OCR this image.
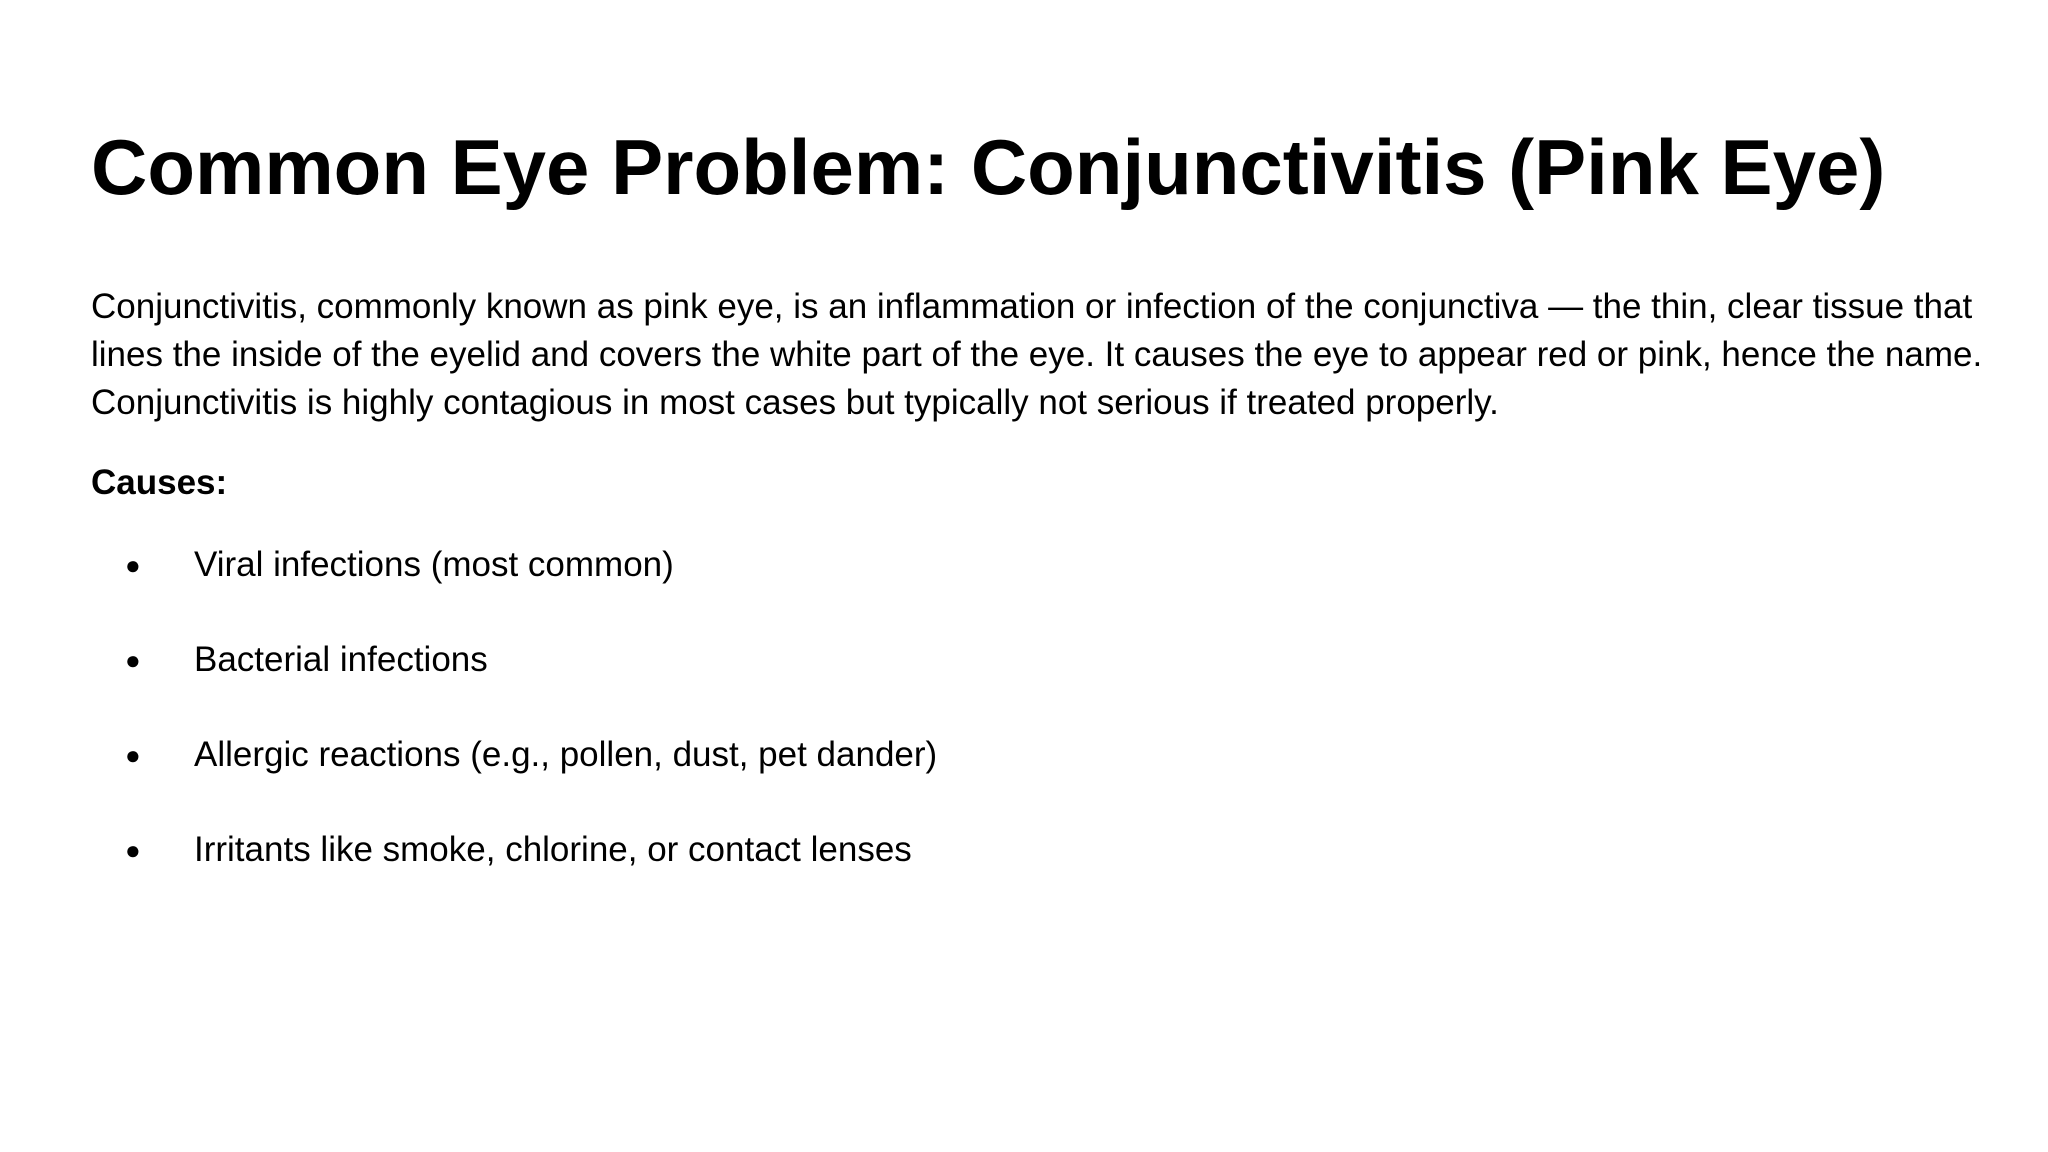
Common Eye Problem: Conjunctivitis (Pink Eye)

Conjunctivitis, commonly known as pink eye, is an inflammation or infection of the conjunctiva — the thin, clear tissue that lines the inside of the eyelid and covers the white part of the eye. It causes the eye to appear red or pink, hence the name. Conjunctivitis is highly contagious in most cases but typically not serious if treated properly.

Causes:

● Viral infections (most common)
● Bacterial infections
● Allergic reactions (e.g., pollen, dust, pet dander)
● Irritants like smoke, chlorine, or contact lenses
